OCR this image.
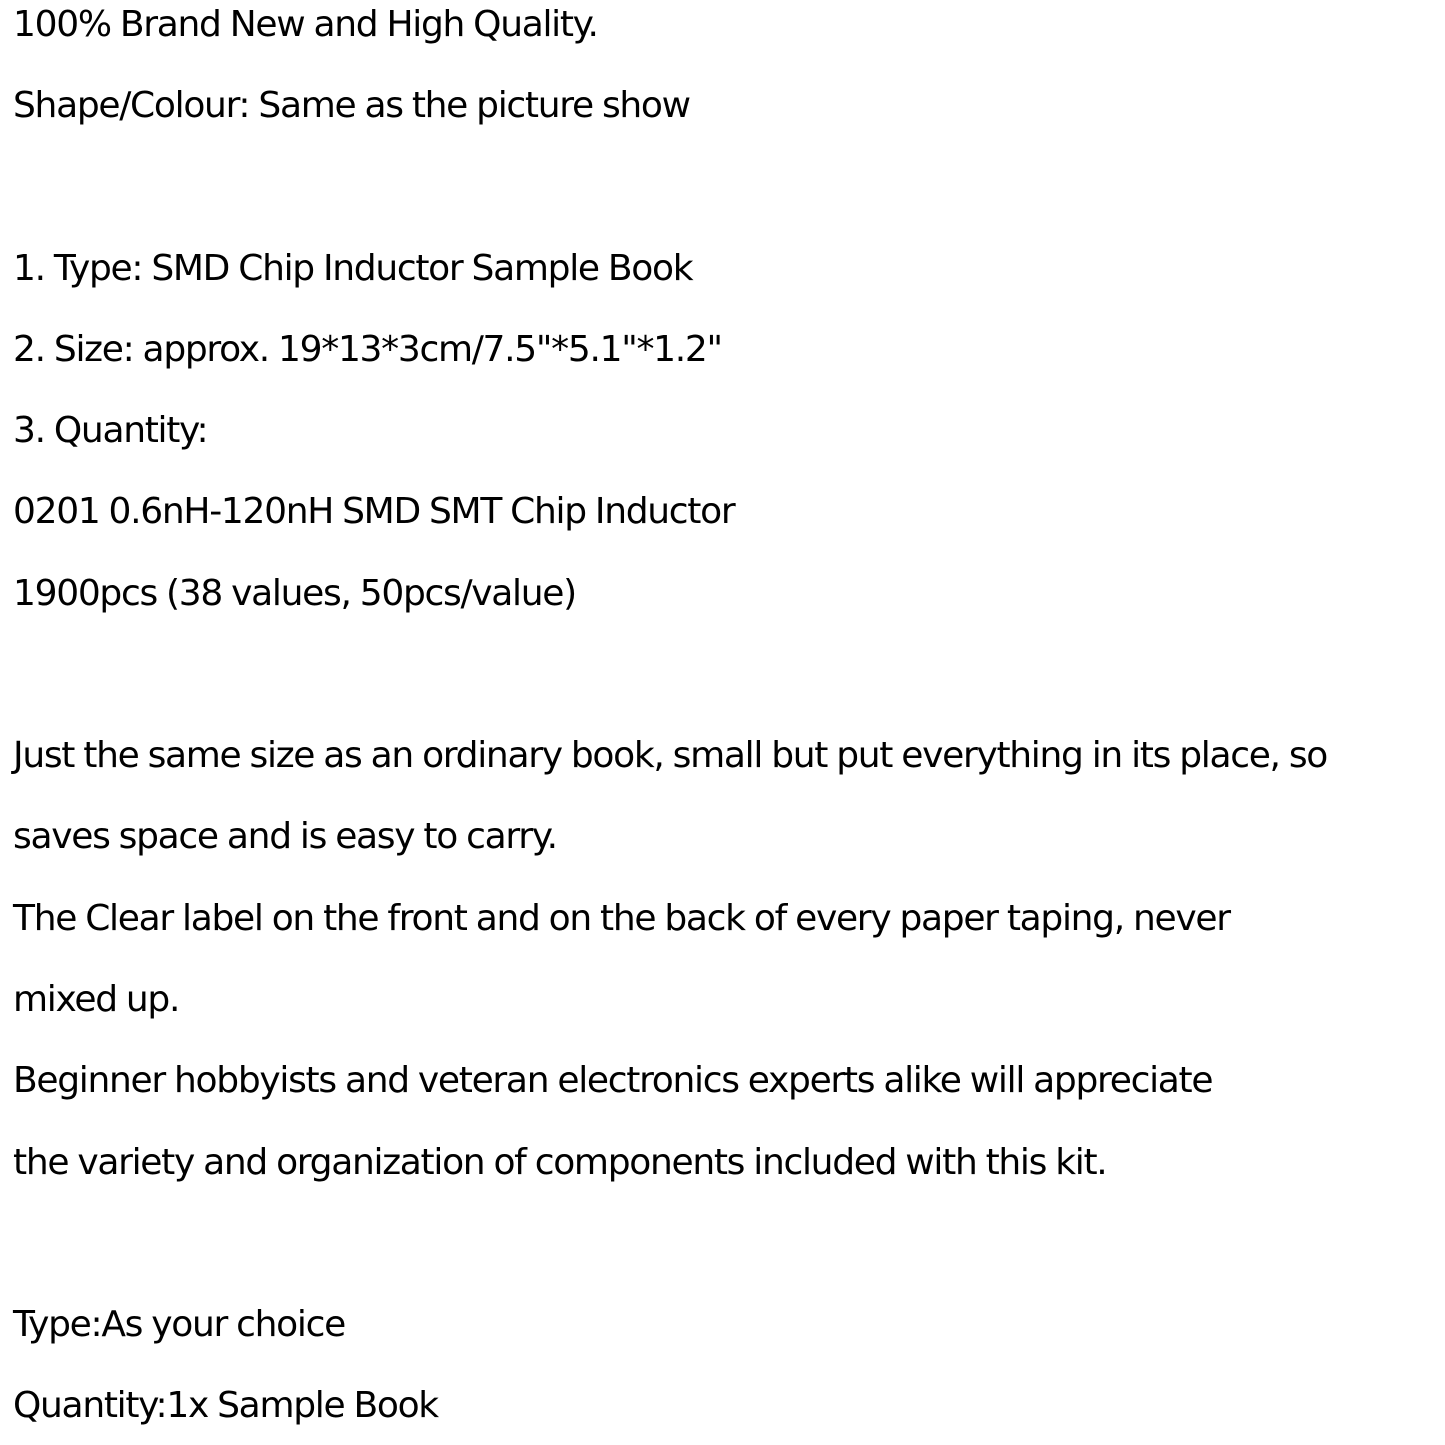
100% Brand New and High Quality.
Shape/Colour: Same as the picture show
1. Type: SMD Chip Inductor Sample Book
2. Size: approx. 19*13*3cm/7.5"*5.1"*1.2"
3. Quantity:
0201 0.6nH-120nH SMD SMT Chip Inductor
1900pcs (38 values, 50pcs/value)
Just the same size as an ordinary book, small but put everything in its place, so
saves space and is easy to carry.
The Clear label on the front and on the back of every paper taping, never
mixed up.
Beginner hobbyists and veteran electronics experts alike will appreciate
the variety and organization of components included with this kit.
Type:As your choice
Quantity:1x Sample Book
